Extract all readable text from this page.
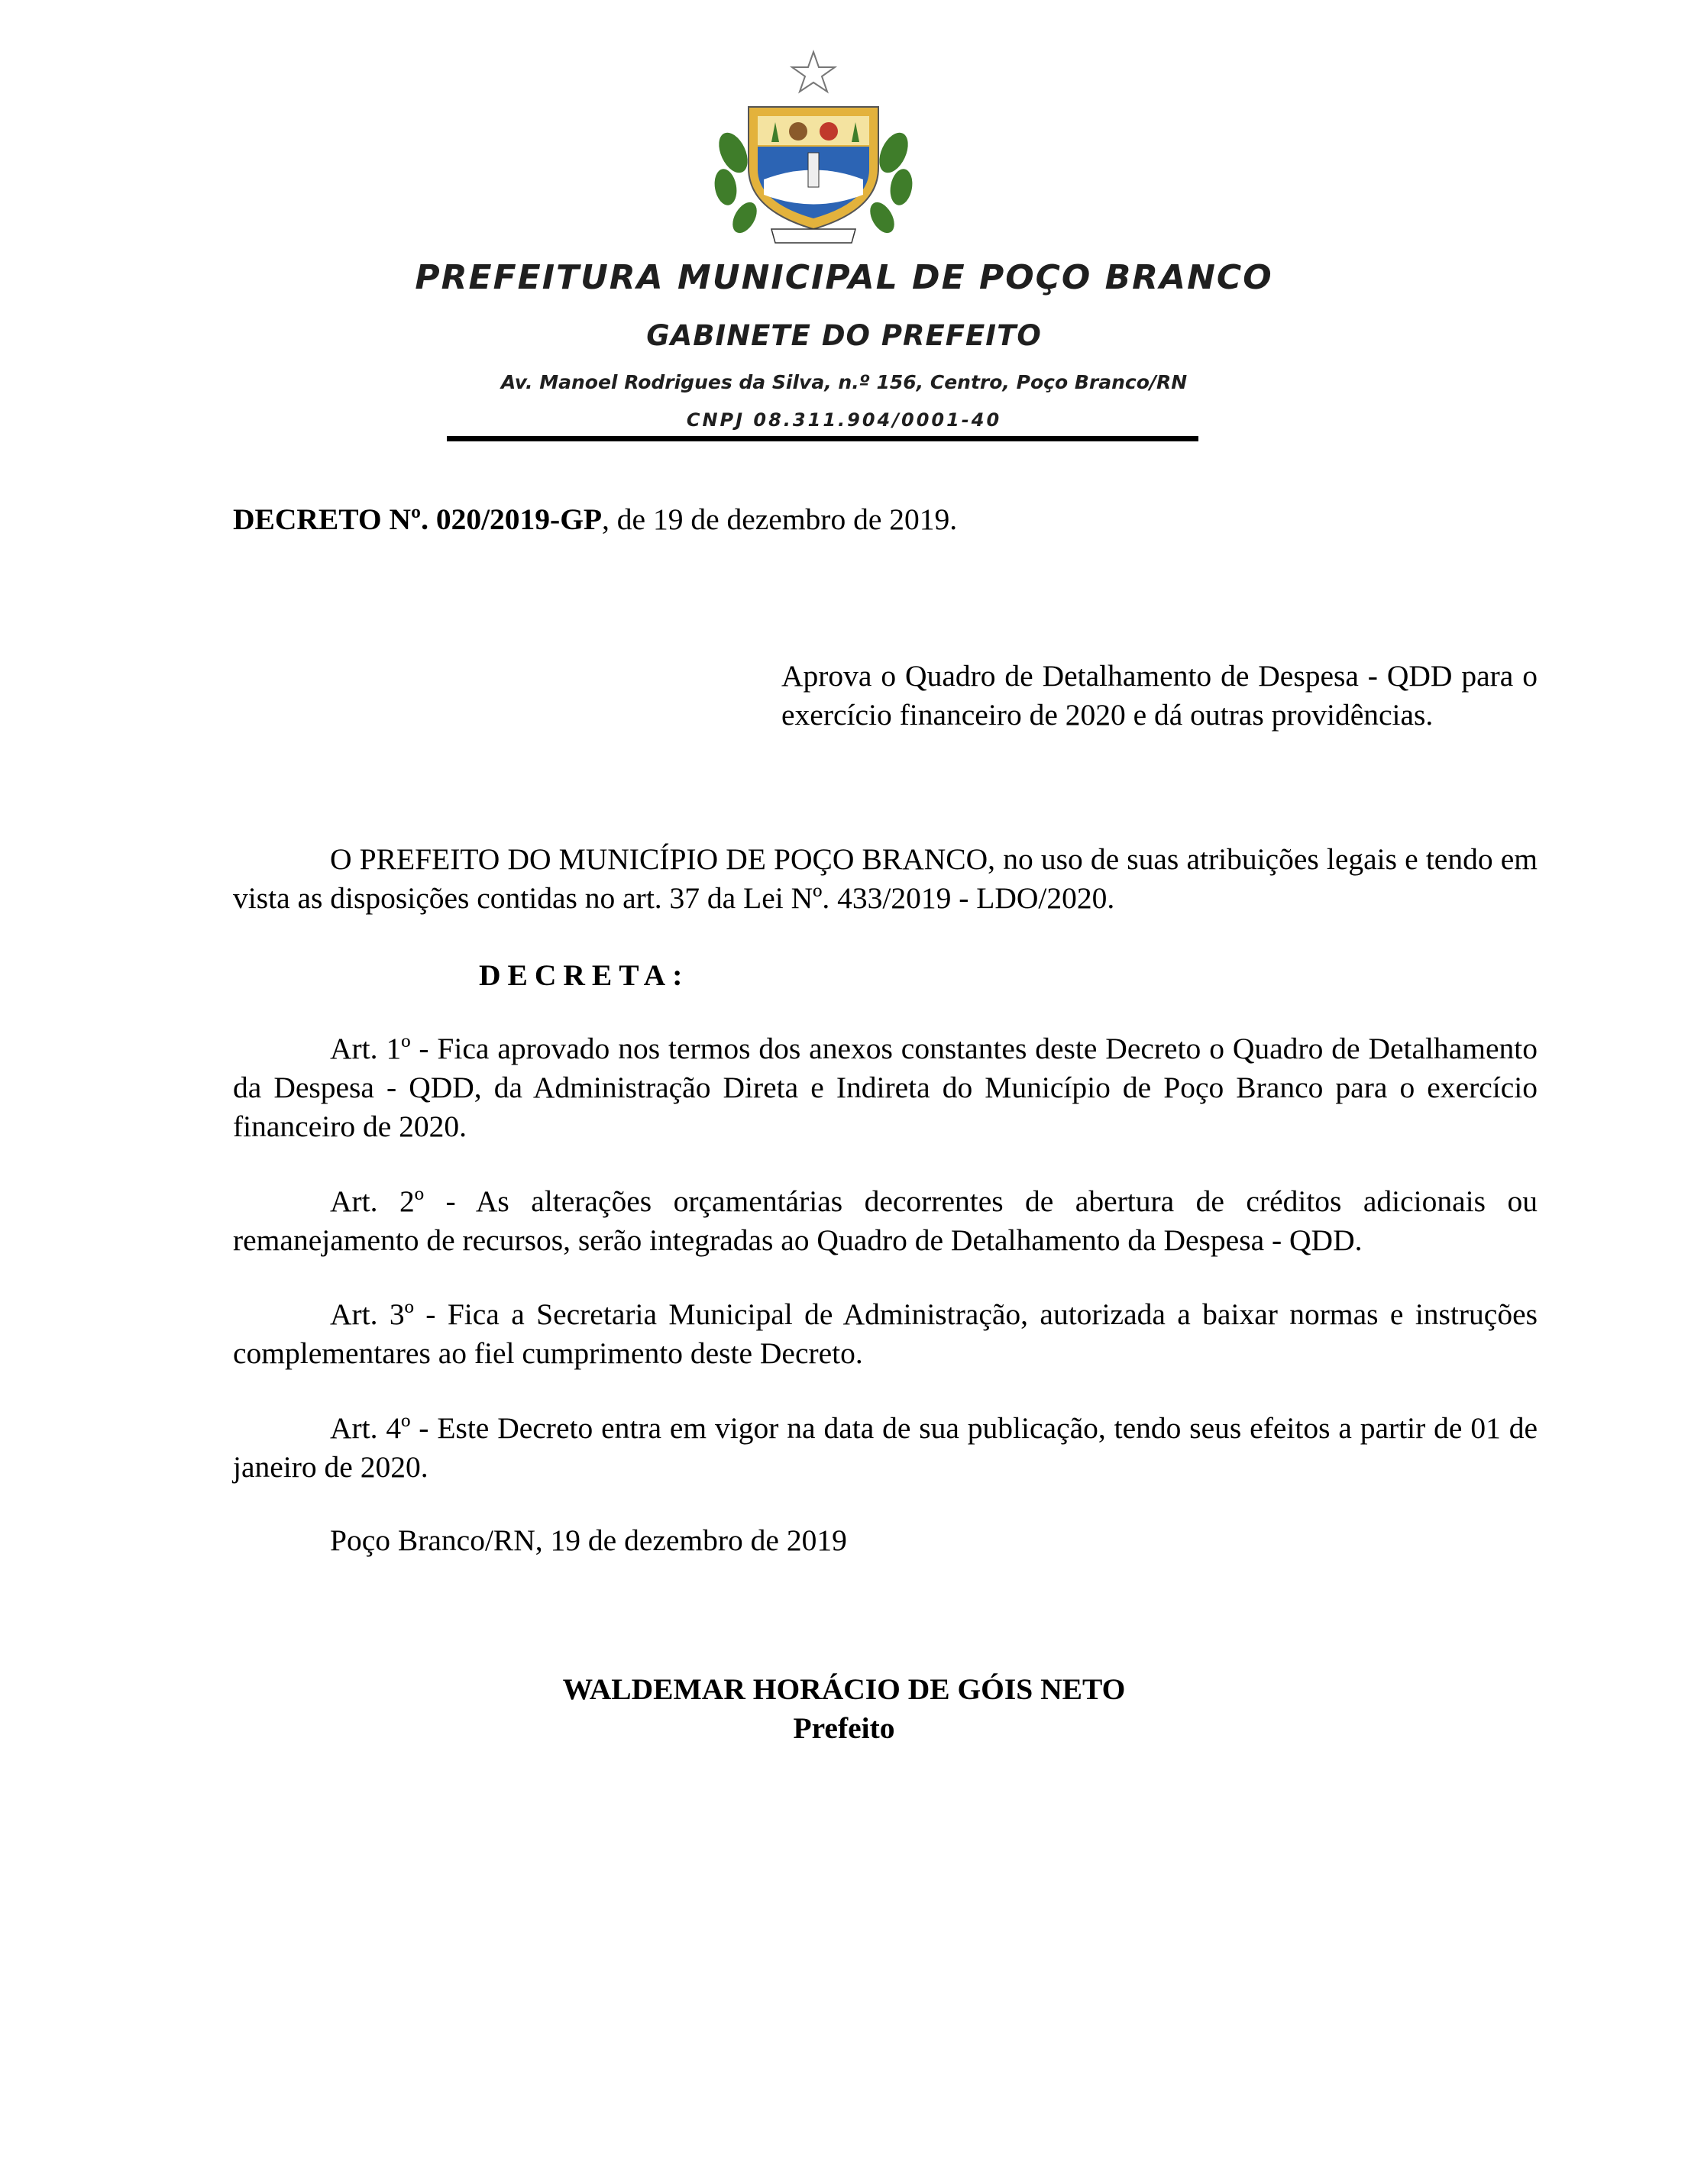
PREFEITURA MUNICIPAL DE POÇO BRANCO
GABINETE DO PREFEITO
Av. Manoel Rodrigues da Silva, n.º 156, Centro, Poço Branco/RN
CNPJ 08.311.904/0001-40
DECRETO Nº. 020/2019-GP, de 19 de dezembro de 2019.
Aprova o Quadro de Detalhamento de Despesa - QDD para o exercício financeiro de 2020 e dá outras providências.
O PREFEITO DO MUNICÍPIO DE POÇO BRANCO, no uso de suas atribuições legais e tendo em vista as disposições contidas no art. 37 da Lei Nº. 433/2019 - LDO/2020.
DECRETA:
Art. 1º - Fica aprovado nos termos dos anexos constantes deste Decreto o Quadro de Detalhamento da Despesa - QDD, da Administração Direta e Indireta do Município de Poço Branco para o exercício financeiro de 2020.
Art. 2º - As alterações orçamentárias decorrentes de abertura de créditos adicionais ou remanejamento de recursos, serão integradas ao Quadro de Detalhamento da Despesa - QDD.
Art. 3º - Fica a Secretaria Municipal de Administração, autorizada a baixar normas e instruções complementares ao fiel cumprimento deste Decreto.
Art. 4º - Este Decreto entra em vigor na data de sua publicação, tendo seus efeitos a partir de 01 de janeiro de 2020.
Poço Branco/RN, 19 de dezembro de 2019
WALDEMAR HORÁCIO DE GÓIS NETO
Prefeito
